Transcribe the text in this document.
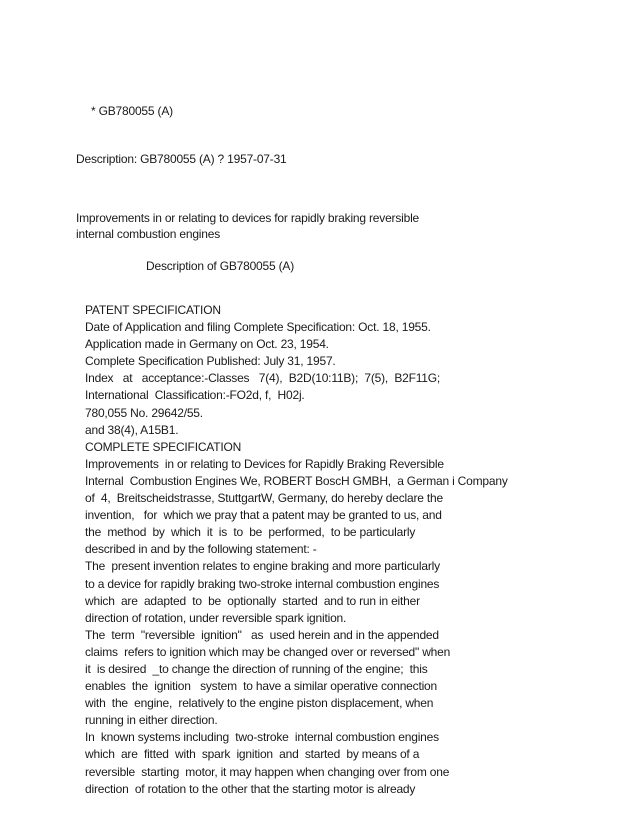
* GB780055 (A)
Description: GB780055 (A) ? 1957-07-31
Improvements in or relating to devices for rapidly braking reversible
internal combustion engines
Description of GB780055 (A)
PATENT SPECIFICATION
Date of Application and filing Complete Specification: Oct. 18, 1955.
Application made in Germany on Oct. 23, 1954.
Complete Specification Published: July 31, 1957.
Index   at   acceptance:-Classes   7(4),  B2D(10:11B);  7(5),  B2F11G;
International  Classification:-FO2d, f,  H02j.
780,055 No. 29642/55.
and 38(4), A15B1.
COMPLETE SPECIFICATION
Improvements  in or relating to Devices for Rapidly Braking Reversible
Internal  Combustion Engines We, ROBERT BoscH GMBH,  a German i Company
of  4,  Breitscheidstrasse, StuttgartW, Germany, do hereby declare the
invention,   for  which we pray that a patent may be granted to us, and
the  method  by  which  it  is  to  be  performed,  to be particularly
described in and by the following statement: -
The  present invention relates to engine braking and more particularly
to a device for rapidly braking two-stroke internal combustion engines
which  are  adapted  to  be  optionally  started  and to run in either
direction of rotation, under reversible spark ignition.
The  term  "reversible  ignition"   as  used herein and in the appended
claims  refers to ignition which may be changed over or reversed" when
it  is desired  _to change the direction of running of the engine;  this
enables  the  ignition   system  to have a similar operative connection
with  the  engine,  relatively to the engine piston displacement, when
running in either direction.
In  known systems including  two-stroke  internal combustion engines
which  are  fitted  with  spark  ignition  and  started  by means of a
reversible  starting  motor, it may happen when changing over from one
direction  of rotation to the other that the starting motor is already
